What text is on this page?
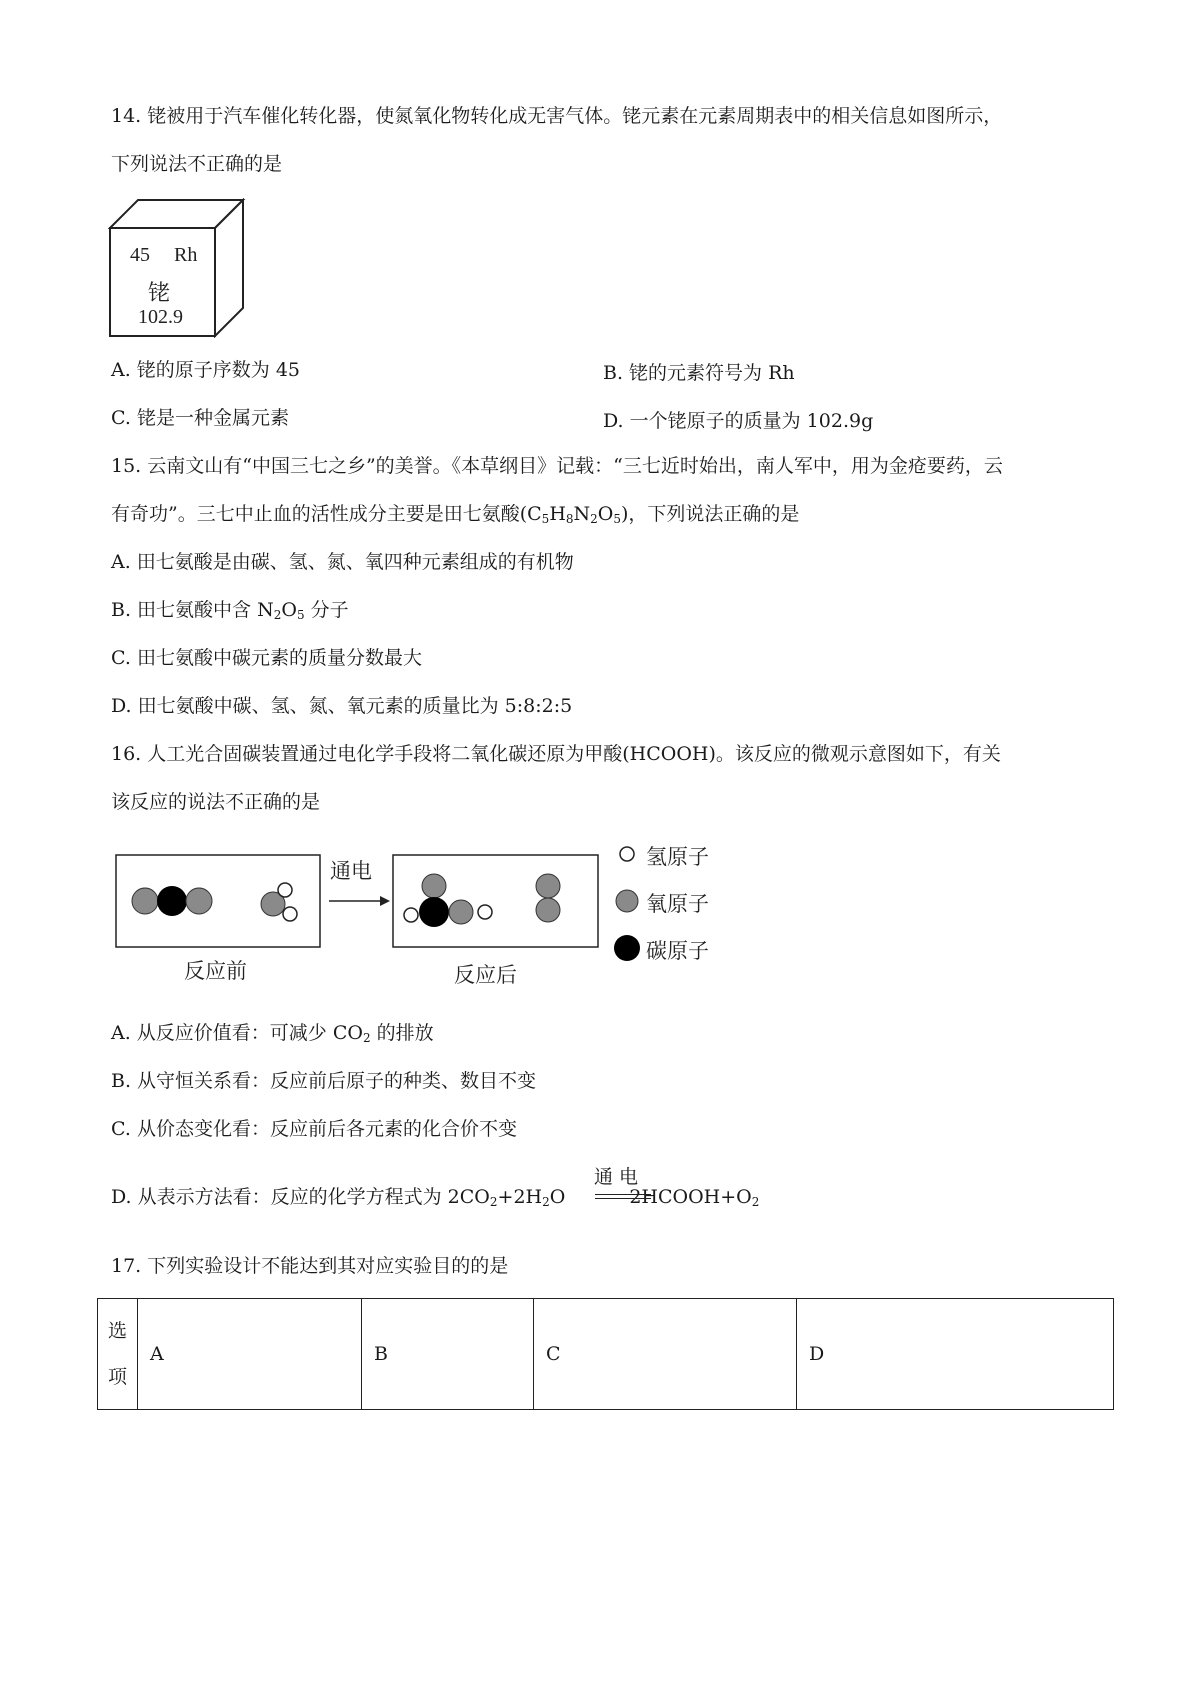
14. 铑被用于汽车催化转化器，使氮氧化物转化成无害气体。铑元素在元素周期表中的相关信息如图所示，
下列说法不正确的是
45 Rh
铑
102.9
A. 铑的原子序数为 45	B. 铑的元素符号为 Rh
C. 铑是一种金属元素	D. 一个铑原子的质量为 102.9g
15. 云南文山有“中国三七之乡”的美誉。《本草纲目》记载：“三七近时始出，南人军中，用为金疮要药，云
有奇功”。三七中止血的活性成分主要是田七氨酸$(C_5H_8N_2O_5)$，下列说法正确的是
A. 田七氨酸是由碳、氢、氮、氧四种元素组成的有机物
B. 田七氨酸中含 $N_2O_5$ 分子
C. 田七氨酸中碳元素的质量分数最大
D. 田七氨酸中碳、氢、氮、氧元素的质量比为 5:8:2:5
16. 人工光合固碳装置通过电化学手段将二氧化碳还原为甲酸(HCOOH)。该反应的微观示意图如下，有关
该反应的说法不正确的是
通电
反应前	反应后
氢原子
氧原子
碳原子
A. 从反应价值看：可减少 $CO_2$ 的排放
B. 从守恒关系看：反应前后原子的种类、数目不变
C. 从价态变化看：反应前后各元素的化合价不变
D. 从表示方法看：反应的化学方程式为 $2CO_2+2H_2O$	$2HCOOH+O_2$
通 电
17. 下列实验设计不能达到其对应实验目的的是
选
项
	A	B	C	D
